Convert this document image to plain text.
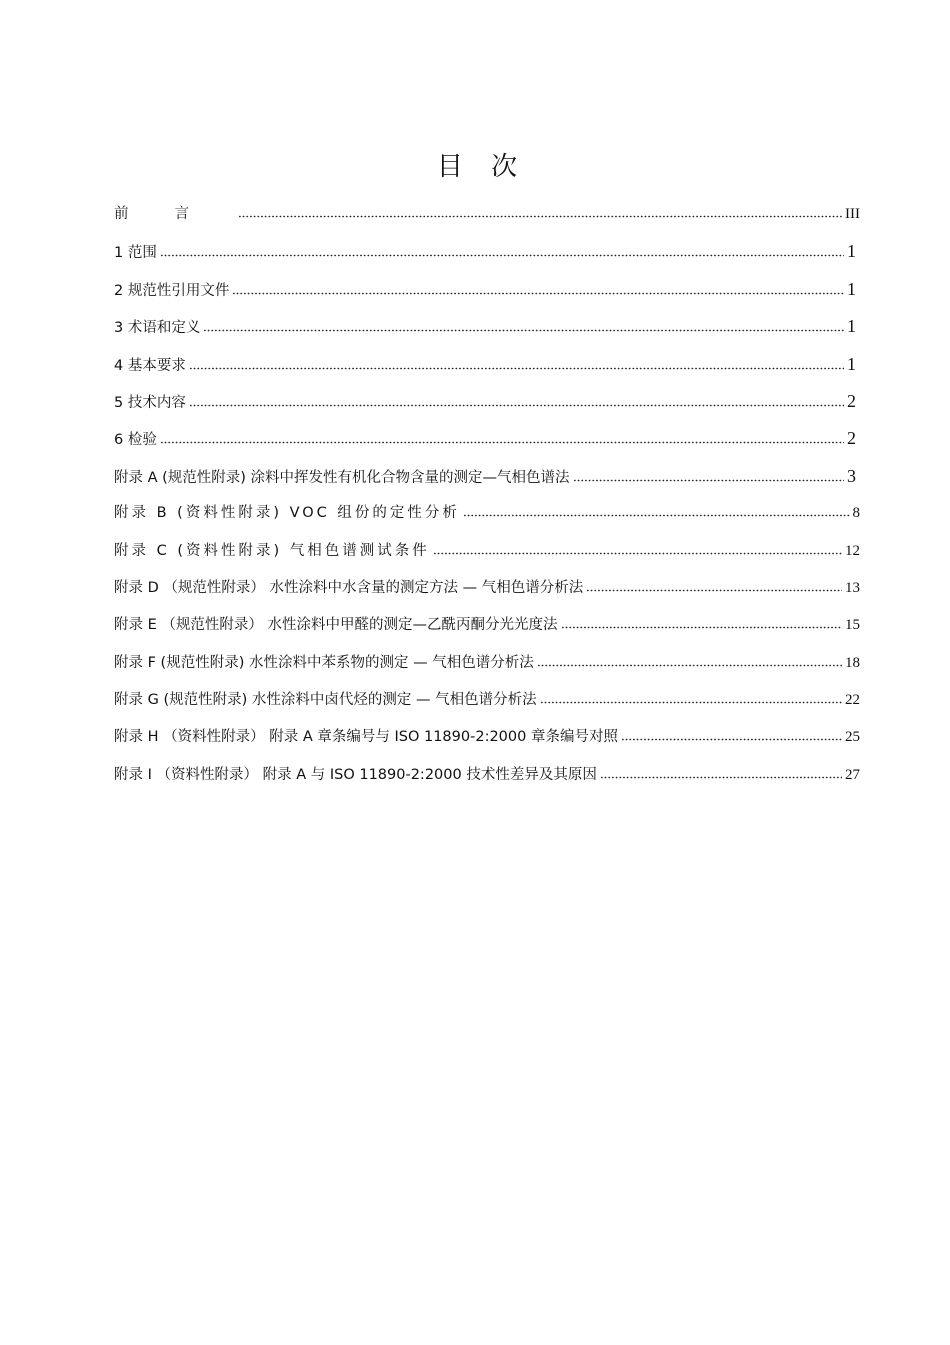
目 次
前言	III
1 范围	1
2 规范性引用文件	1
3 术语和定义	1
4 基本要求	1
5 技术内容	2
6 检验	2
附录 A (规范性附录) 涂料中挥发性有机化合物含量的测定—气相色谱法	3
附录 B (资料性附录) VOC 组份的定性分析	8
附录 C (资料性附录) 气相色谱测试条件	12
附录 D （规范性附录） 水性涂料中水含量的测定方法 — 气相色谱分析法	13
附录 E （规范性附录） 水性涂料中甲醛的测定—乙酰丙酮分光光度法	15
附录 F (规范性附录) 水性涂料中苯系物的测定 — 气相色谱分析法	18
附录 G (规范性附录) 水性涂料中卤代烃的测定 — 气相色谱分析法	22
附录 H （资料性附录） 附录 A 章条编号与 ISO 11890-2:2000 章条编号对照	25
附录 I （资料性附录） 附录 A 与 ISO 11890-2:2000 技术性差异及其原因	27
